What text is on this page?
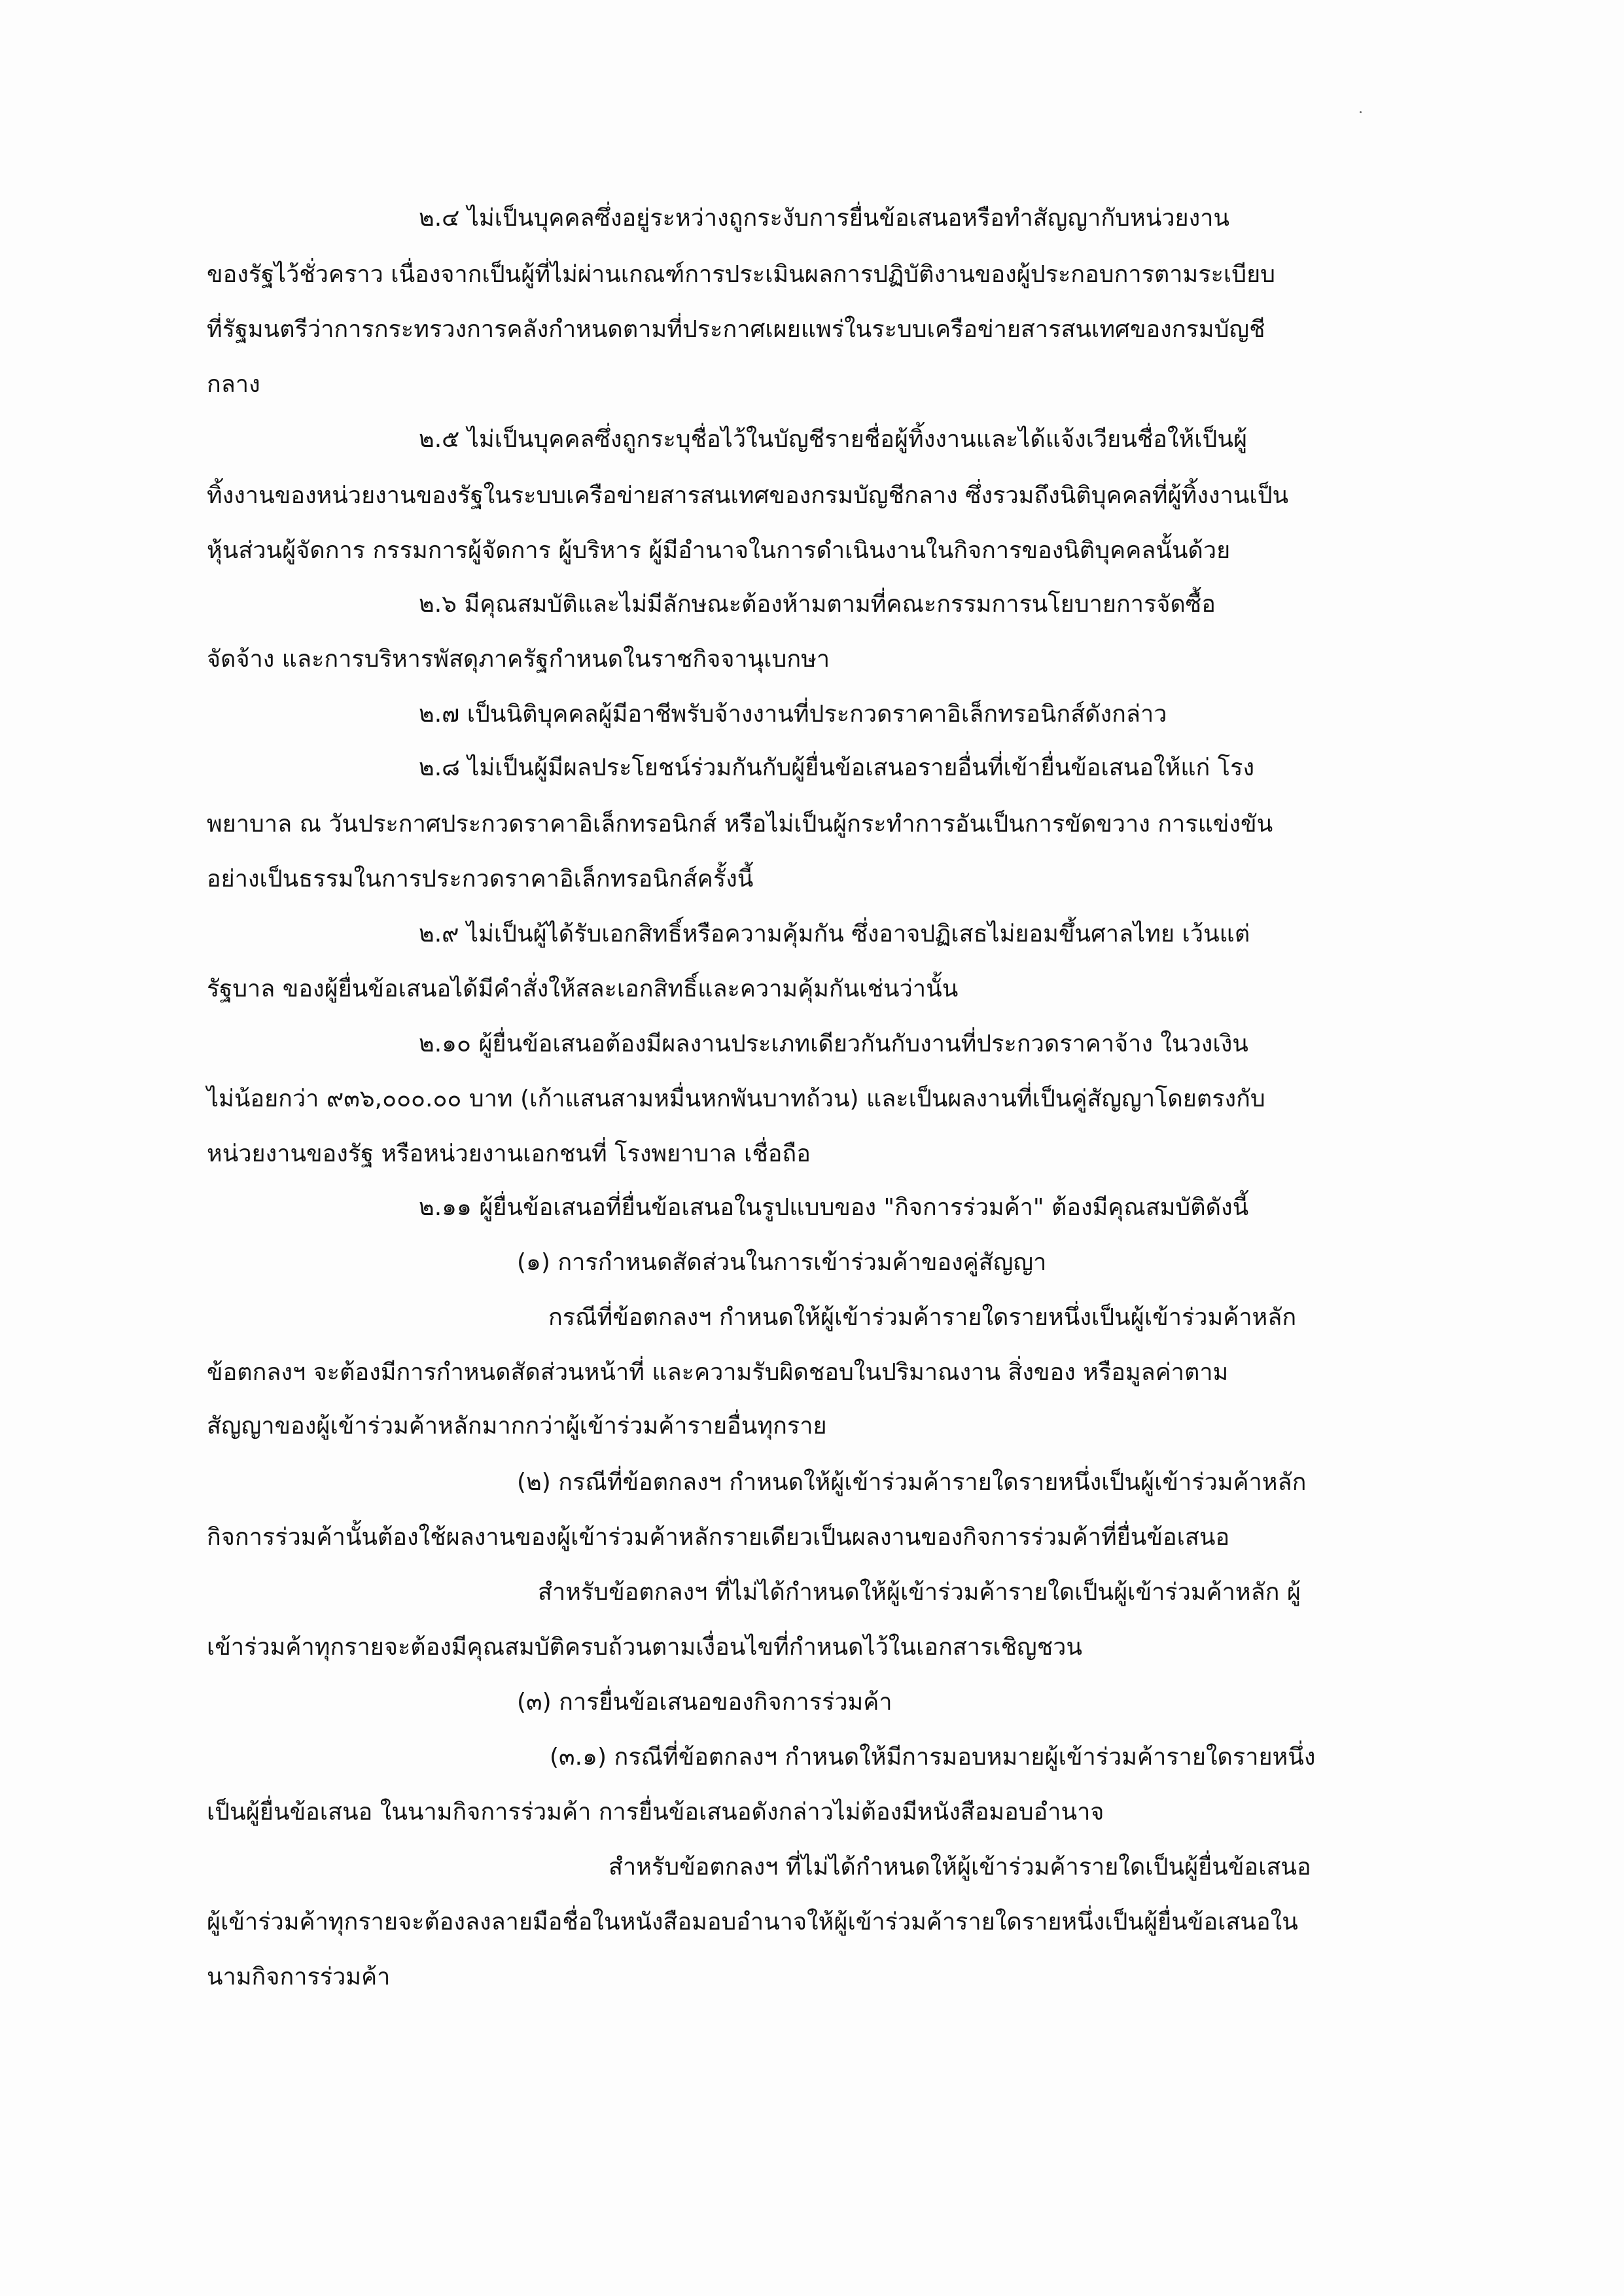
๒.๔ ไม่เป็นบุคคลซึ่งอยู่ระหว่างถูกระงับการยื่นข้อเสนอหรือทำสัญญากับหน่วยงาน
ของรัฐไว้ชั่วคราว เนื่องจากเป็นผู้ที่ไม่ผ่านเกณฑ์การประเมินผลการปฏิบัติงานของผู้ประกอบการตามระเบียบ
ที่รัฐมนตรีว่าการกระทรวงการคลังกำหนดตามที่ประกาศเผยแพร่ในระบบเครือข่ายสารสนเทศของกรมบัญชี
กลาง
๒.๕ ไม่เป็นบุคคลซึ่งถูกระบุชื่อไว้ในบัญชีรายชื่อผู้ทิ้งงานและได้แจ้งเวียนชื่อให้เป็นผู้
ทิ้งงานของหน่วยงานของรัฐในระบบเครือข่ายสารสนเทศของกรมบัญชีกลาง ซึ่งรวมถึงนิติบุคคลที่ผู้ทิ้งงานเป็น
หุ้นส่วนผู้จัดการ กรรมการผู้จัดการ ผู้บริหาร ผู้มีอำนาจในการดำเนินงานในกิจการของนิติบุคคลนั้นด้วย
๒.๖ มีคุณสมบัติและไม่มีลักษณะต้องห้ามตามที่คณะกรรมการนโยบายการจัดซื้อ
จัดจ้าง และการบริหารพัสดุภาครัฐกำหนดในราชกิจจานุเบกษา
๒.๗ เป็นนิติบุคคลผู้มีอาชีพรับจ้างงานที่ประกวดราคาอิเล็กทรอนิกส์ดังกล่าว
๒.๘ ไม่เป็นผู้มีผลประโยชน์ร่วมกันกับผู้ยื่นข้อเสนอรายอื่นที่เข้ายื่นข้อเสนอให้แก่ โรง
พยาบาล ณ วันประกาศประกวดราคาอิเล็กทรอนิกส์ หรือไม่เป็นผู้กระทำการอันเป็นการขัดขวาง การแข่งขัน
อย่างเป็นธรรมในการประกวดราคาอิเล็กทรอนิกส์ครั้งนี้
๒.๙ ไม่เป็นผู้ได้รับเอกสิทธิ์หรือความคุ้มกัน ซึ่งอาจปฏิเสธไม่ยอมขึ้นศาลไทย เว้นแต่
รัฐบาล ของผู้ยื่นข้อเสนอได้มีคำสั่งให้สละเอกสิทธิ์และความคุ้มกันเช่นว่านั้น
๒.๑๐ ผู้ยื่นข้อเสนอต้องมีผลงานประเภทเดียวกันกับงานที่ประกวดราคาจ้าง ในวงเงิน
ไม่น้อยกว่า ๙๓๖,๐๐๐.๐๐ บาท (เก้าแสนสามหมื่นหกพันบาทถ้วน) และเป็นผลงานที่เป็นคู่สัญญาโดยตรงกับ
หน่วยงานของรัฐ หรือหน่วยงานเอกชนที่ โรงพยาบาล เชื่อถือ
๒.๑๑ ผู้ยื่นข้อเสนอที่ยื่นข้อเสนอในรูปแบบของ "กิจการร่วมค้า" ต้องมีคุณสมบัติดังนี้
(๑) การกำหนดสัดส่วนในการเข้าร่วมค้าของคู่สัญญา
กรณีที่ข้อตกลงฯ กำหนดให้ผู้เข้าร่วมค้ารายใดรายหนึ่งเป็นผู้เข้าร่วมค้าหลัก
ข้อตกลงฯ จะต้องมีการกำหนดสัดส่วนหน้าที่ และความรับผิดชอบในปริมาณงาน สิ่งของ หรือมูลค่าตาม
สัญญาของผู้เข้าร่วมค้าหลักมากกว่าผู้เข้าร่วมค้ารายอื่นทุกราย
(๒) กรณีที่ข้อตกลงฯ กำหนดให้ผู้เข้าร่วมค้ารายใดรายหนึ่งเป็นผู้เข้าร่วมค้าหลัก
กิจการร่วมค้านั้นต้องใช้ผลงานของผู้เข้าร่วมค้าหลักรายเดียวเป็นผลงานของกิจการร่วมค้าที่ยื่นข้อเสนอ
สำหรับข้อตกลงฯ ที่ไม่ได้กำหนดให้ผู้เข้าร่วมค้ารายใดเป็นผู้เข้าร่วมค้าหลัก ผู้
เข้าร่วมค้าทุกรายจะต้องมีคุณสมบัติครบถ้วนตามเงื่อนไขที่กำหนดไว้ในเอกสารเชิญชวน
(๓) การยื่นข้อเสนอของกิจการร่วมค้า
(๓.๑) กรณีที่ข้อตกลงฯ กำหนดให้มีการมอบหมายผู้เข้าร่วมค้ารายใดรายหนึ่ง
เป็นผู้ยื่นข้อเสนอ ในนามกิจการร่วมค้า การยื่นข้อเสนอดังกล่าวไม่ต้องมีหนังสือมอบอำนาจ
สำหรับข้อตกลงฯ ที่ไม่ได้กำหนดให้ผู้เข้าร่วมค้ารายใดเป็นผู้ยื่นข้อเสนอ
ผู้เข้าร่วมค้าทุกรายจะต้องลงลายมือชื่อในหนังสือมอบอำนาจให้ผู้เข้าร่วมค้ารายใดรายหนึ่งเป็นผู้ยื่นข้อเสนอใน
นามกิจการร่วมค้า
